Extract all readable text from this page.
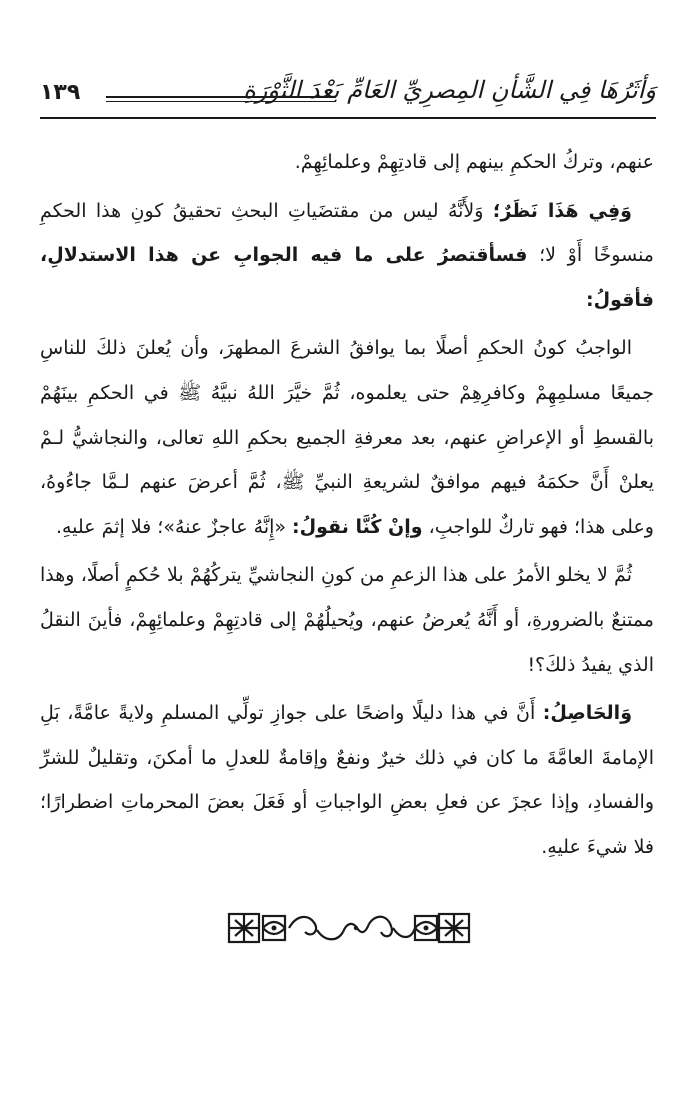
وَأثَرُهَا فِي الشَّأنِ المِصرِيِّ العَامِّ بَعْدَ الثَّوْرَةِ
١٣٩

عنهم، وتركُ الحكمِ بينهم إلى قادتِهِمْ وعلمائِهِمْ.

وَفِي هَذَا نَظَرٌ؛ وَلأَنَّهُ ليس من مقتضَياتِ البحثِ تحقيقُ كونِ هذا الحكمِ منسوخًا أَوْ لا؛ فسأقتصرُ على ما فيه الجوابِ عن هذا الاستدلالِ، فأقولُ:

الواجبُ كونُ الحكمِ أصلًا بما يوافقُ الشرعَ المطهرَ، وأن يُعلنَ ذلكَ للناسِ جميعًا مسلمِهِمْ وكافرِهِمْ حتى يعلموه، ثُمَّ خيَّرَ اللهُ نبيَّهُ ﷺ في الحكمِ بينَهُمْ بالقسطِ أو الإعراضِ عنهم، بعد معرفةِ الجميع بحكمِ اللهِ تعالى، والنجاشيُّ لـمْ يعلنْ أَنَّ حكمَهُ فيهم موافقٌ لشريعةِ النبيِّ ﷺ، ثُمَّ أعرضَ عنهم لـمَّا جاءُوهُ، وعلى هذا؛ فهو تاركٌ للواجبِ، وإنْ كُنَّا نقولُ: «إِنَّهُ عاجزٌ عنهُ»؛ فلا إثمَ عليهِ.

ثُمَّ لا يخلو الأمرُ على هذا الزعمِ من كونِ النجاشيِّ يتركُهُمْ بلا حُكمٍ أصلًا، وهذا ممتنعٌ بالضرورةِ، أو أَنَّهُ يُعرضُ عنهم، ويُحيلُهُمْ إلى قادتِهِمْ وعلمائِهِمْ، فأينَ النقلُ الذي يفيدُ ذلكَ؟!

وَالحَاصِلُ: أَنَّ في هذا دليلًا واضحًا على جوازِ تولِّي المسلمِ ولايةً عامَّةً، بَلِ الإمامةَ العامَّةَ ما كان في ذلك خيرٌ ونفعٌ وإقامةٌ للعدلِ ما أمكنَ، وتقليلٌ للشرِّ والفسادِ، وإذا عجزَ عن فعلِ بعضِ الواجباتِ أو فَعَلَ بعضَ المحرماتِ اضطرارًا؛ فلا شيءَ عليهِ.
